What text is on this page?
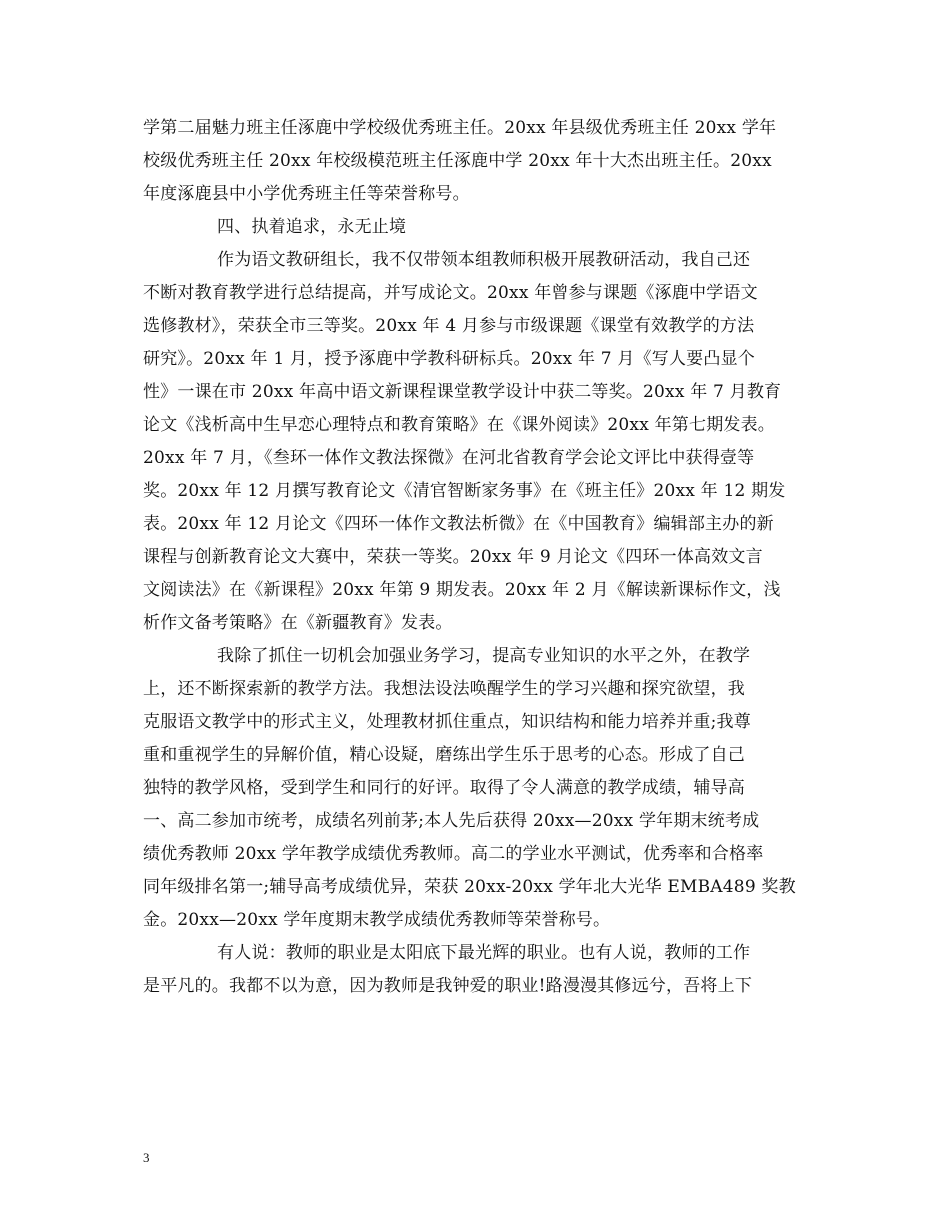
学第二届魅力班主任涿鹿中学校级优秀班主任。20xx 年县级优秀班主任 20xx 学年
校级优秀班主任 20xx 年校级模范班主任涿鹿中学 20xx 年十大杰出班主任。20xx
年度涿鹿县中小学优秀班主任等荣誉称号。
四、执着追求，永无止境
作为语文教研组长，我不仅带领本组教师积极开展教研活动，我自己还
不断对教育教学进行总结提高，并写成论文。20xx 年曾参与课题《涿鹿中学语文
选修教材》，荣获全市三等奖。20xx 年 4 月参与市级课题《课堂有效教学的方法
研究》。20xx 年 1 月，授予涿鹿中学教科研标兵。20xx 年 7 月《写人要凸显个
性》一课在市 20xx 年高中语文新课程课堂教学设计中获二等奖。20xx 年 7 月教育
论文《浅析高中生早恋心理特点和教育策略》在《课外阅读》20xx 年第七期发表。
20xx 年 7 月，《叁环一体作文教法探微》在河北省教育学会论文评比中获得壹等
奖。20xx 年 12 月撰写教育论文《清官智断家务事》在《班主任》20xx 年 12 期发
表。20xx 年 12 月论文《四环一体作文教法析微》在《中国教育》编辑部主办的新
课程与创新教育论文大赛中，荣获一等奖。20xx 年 9 月论文《四环一体高效文言
文阅读法》在《新课程》20xx 年第 9 期发表。20xx 年 2 月《解读新课标作文，浅
析作文备考策略》在《新疆教育》发表。
我除了抓住一切机会加强业务学习，提高专业知识的水平之外，在教学
上，还不断探索新的教学方法。我想法设法唤醒学生的学习兴趣和探究欲望，我
克服语文教学中的形式主义，处理教材抓住重点，知识结构和能力培养并重;我尊
重和重视学生的异解价值，精心设疑，磨练出学生乐于思考的心态。形成了自己
独特的教学风格，受到学生和同行的好评。取得了令人满意的教学成绩，辅导高
一、高二参加市统考，成绩名列前茅;本人先后获得 20xx—20xx 学年期末统考成
绩优秀教师 20xx 学年教学成绩优秀教师。高二的学业水平测试，优秀率和合格率
同年级排名第一;辅导高考成绩优异，荣获 20xx-20xx 学年北大光华 EMBA489 奖教
金。20xx—20xx 学年度期末教学成绩优秀教师等荣誉称号。
有人说：教师的职业是太阳底下最光辉的职业。也有人说，教师的工作
是平凡的。我都不以为意，因为教师是我钟爱的职业!路漫漫其修远兮，吾将上下
3
